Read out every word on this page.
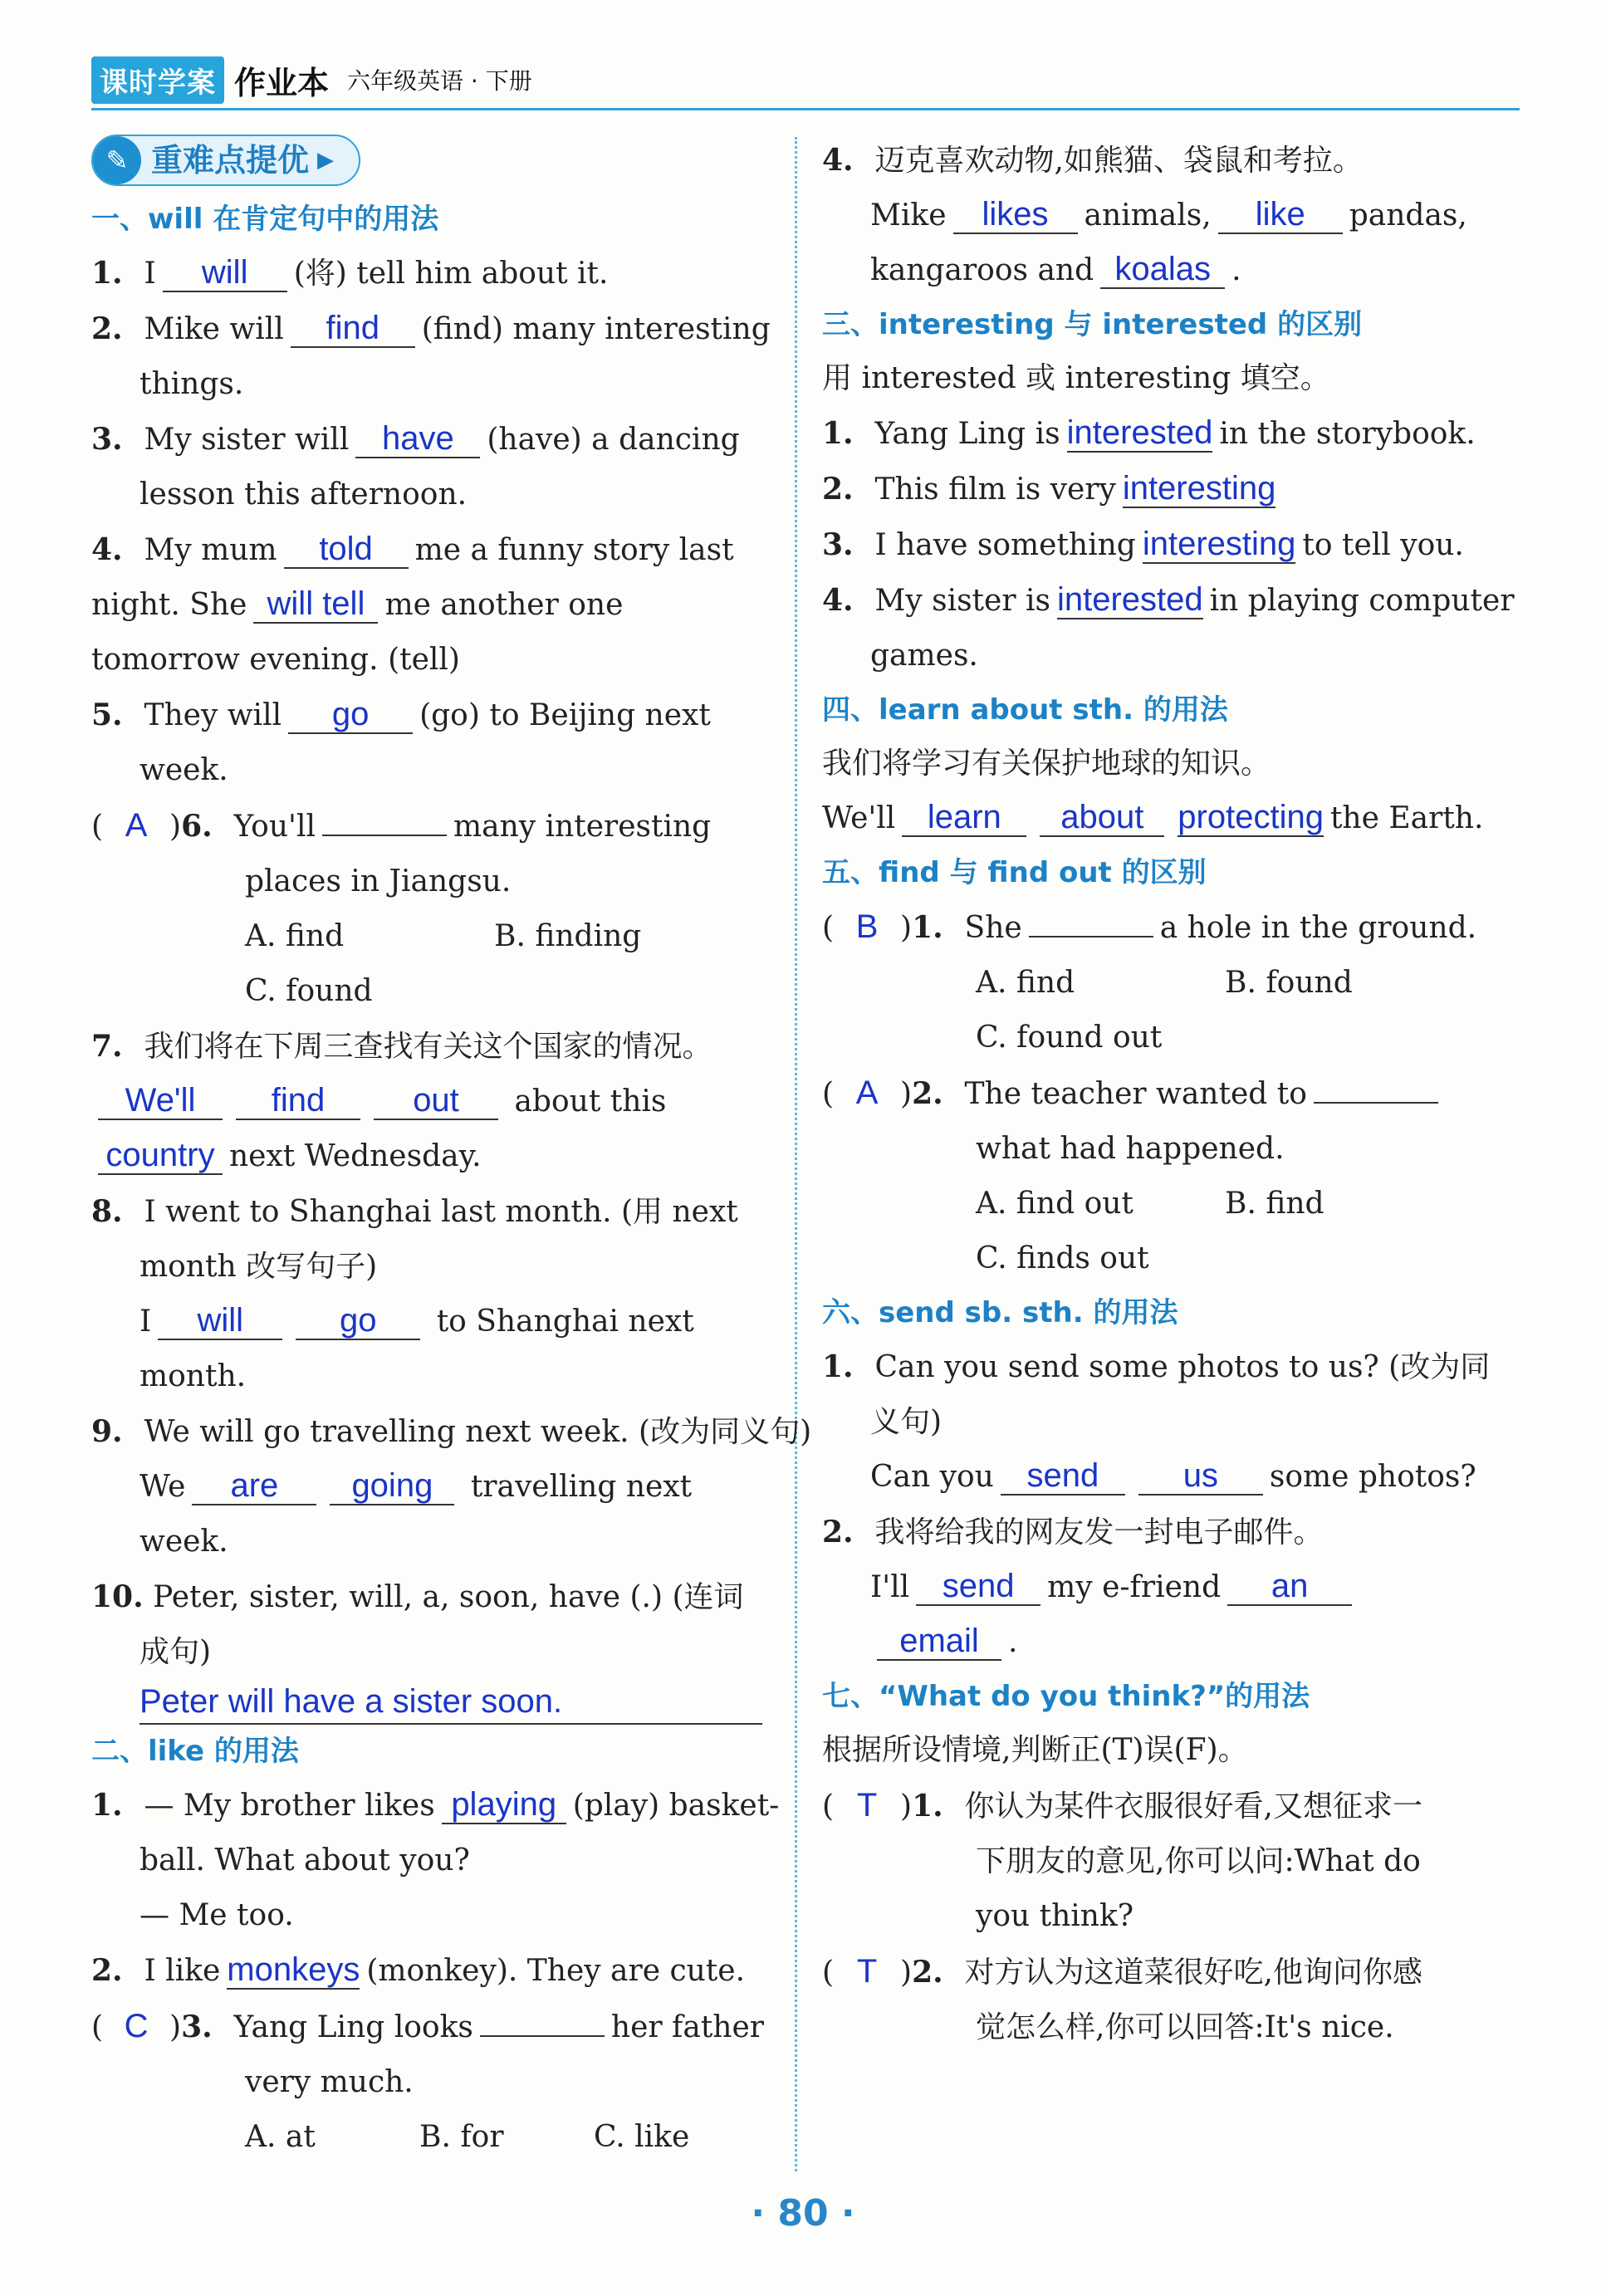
课时学案 作业本 六年级英语 · 下册
✎ 重难点提优 ▶
一、will 在肯定句中的用法
1. I will (将) tell him about it.
2. Mike will find (find) many interesting
things.
3. My sister will have (have) a dancing
lesson this afternoon.
4. My mum told me a funny story last
night. She will tell me another one
tomorrow evening. (tell)
5. They will go (go) to Beijing next
week.
( A )6. You'll	many interesting
places in Jiangsu.
A. find	B. finding
C. found
7. 我们将在下周三查找有关这个国家的情况。
We'll find	out about this
country next Wednesday.
8. I went to Shanghai last month. (用 next
month 改写句子)
I will	go to Shanghai next
month.
9. We will go travelling next week. (改为同义句)
We are going travelling next
week.
10. Peter, sister, will, a, soon, have (.) (连词
成句)
Peter will have a sister soon.
二、like 的用法
1. — My brother likes playing (play) basket-
ball. What about you?
— Me too.
2. I like monkeys (monkey). They are cute.
( C )3. Yang Ling looks	her father
very much.
A. at	B. for	C. like
4. 迈克喜欢动物,如熊猫、袋鼠和考拉。
Mike likes animals, like pandas,
kangaroos and koalas .
三、interesting 与 interested 的区别
用 interested 或 interesting 填空。
1. Yang Ling is interested in the storybook.
2. This film is very interesting
3. I have something interesting to tell you.
4. My sister is interested in playing computer
games.
四、learn about sth. 的用法
我们将学习有关保护地球的知识。
We'll learn about protecting the Earth.
五、find 与 find out 的区别
( B )1. She	a hole in the ground.
A. find	B. found
C. found out
( A )2. The teacher wanted to
what had happened.
A. find out	B. find
C. finds out
六、send sb. sth. 的用法
1. Can you send some photos to us? (改为同
义句)
Can you send	us some photos?
2. 我将给我的网友发一封电子邮件。
I'll send my e-friend an
email .
七、“What do you think?”的用法
根据所设情境,判断正(T)误(F)。
( T )1. 你认为某件衣服很好看,又想征求一
下朋友的意见,你可以问:What do
you think?
( T )2. 对方认为这道菜很好吃,他询问你感
觉怎么样,你可以回答:It's nice.
· 80 ·
